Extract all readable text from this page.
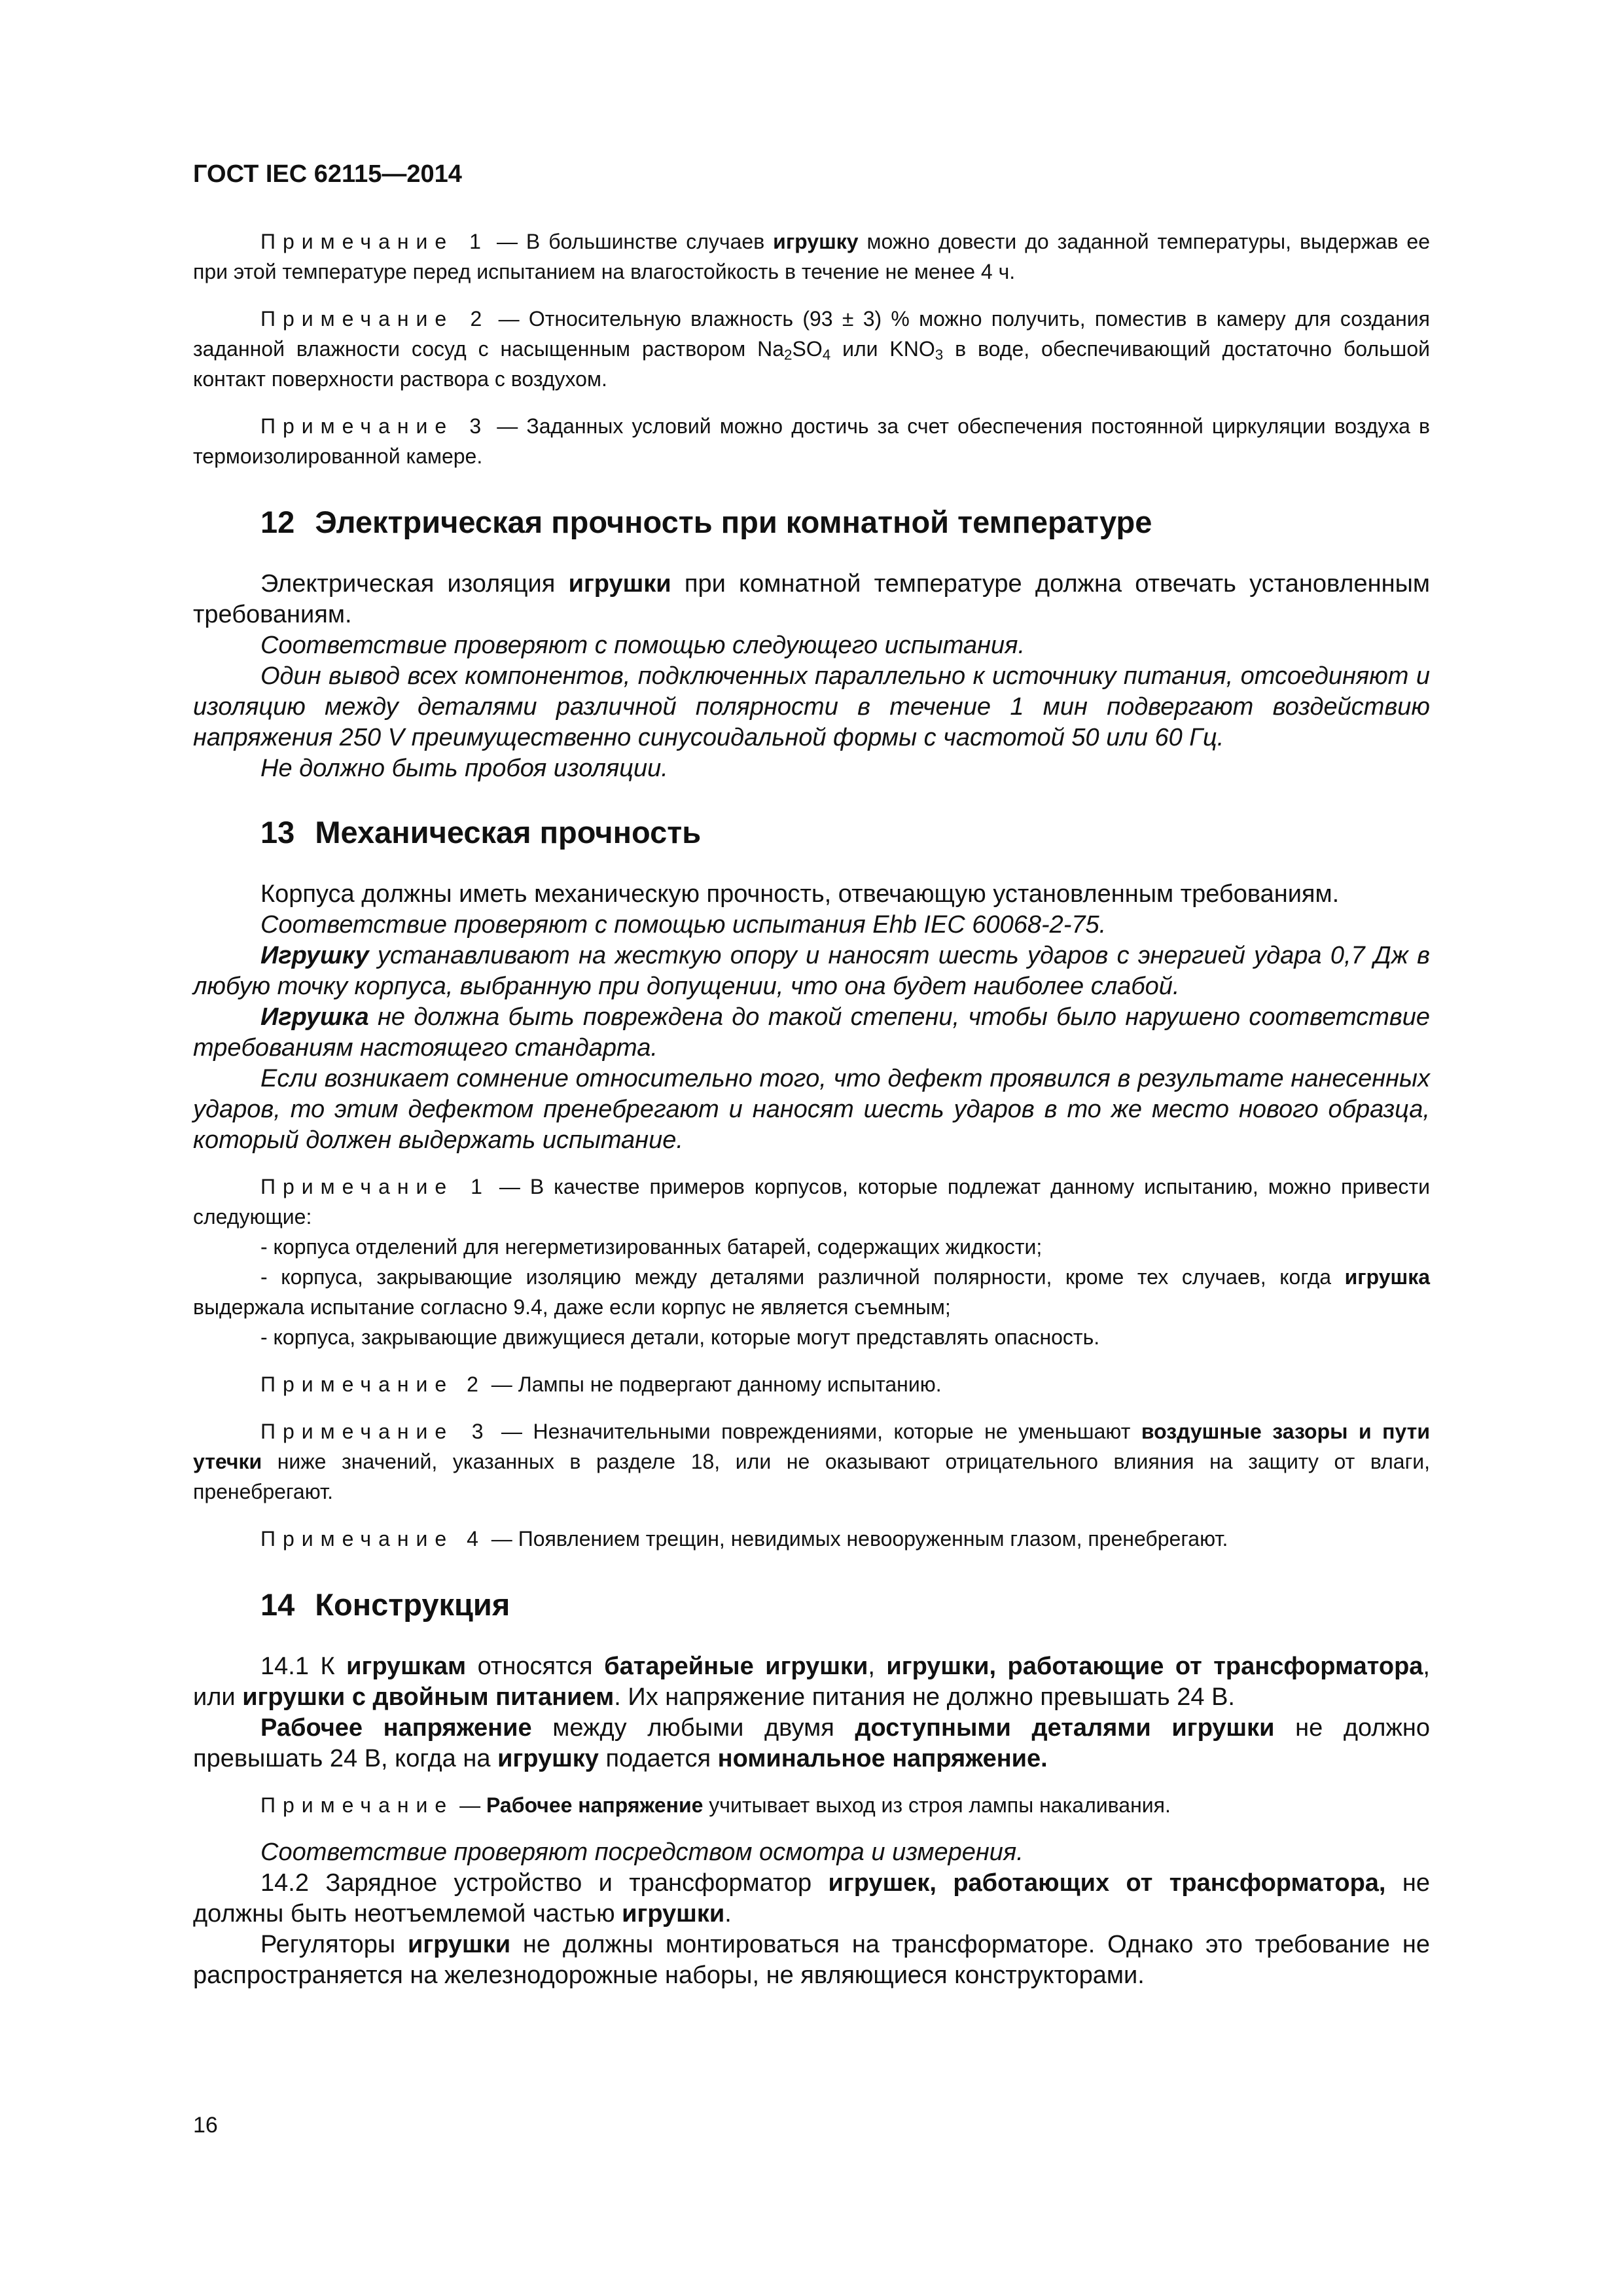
ГОСТ IEC 62115—2014

Примечание 1 — В большинстве случаев игрушку можно довести до заданной температуры, выдержав ее при этой температуре перед испытанием на влагостойкость в течение не менее 4 ч.

Примечание 2 — Относительную влажность (93 ± 3) % можно получить, поместив в камеру для создания заданной влажности сосуд с насыщенным раствором $Na_2SO_4$ или $KNO_3$ в воде, обеспечивающий достаточно большой контакт поверхности раствора с воздухом.

Примечание 3 — Заданных условий можно достичь за счет обеспечения постоянной циркуляции воздуха в термоизолированной камере.

12 Электрическая прочность при комнатной температуре

Электрическая изоляция игрушки при комнатной температуре должна отвечать установленным требованиям.

Соответствие проверяют с помощью следующего испытания.

Один вывод всех компонентов, подключенных параллельно к источнику питания, отсоединяют и изоляцию между деталями различной полярности в течение 1 мин подвергают воздействию напряжения 250 V преимущественно синусоидальной формы с частотой 50 или 60 Гц.

Не должно быть пробоя изоляции.

13 Механическая прочность

Корпуса должны иметь механическую прочность, отвечающую установленным требованиям.

Соответствие проверяют с помощью испытания Ehb IEC 60068-2-75.

Игрушку устанавливают на жесткую опору и наносят шесть ударов с энергией удара 0,7 Дж в любую точку корпуса, выбранную при допущении, что она будет наиболее слабой.

Игрушка не должна быть повреждена до такой степени, чтобы было нарушено соответствие требованиям настоящего стандарта.

Если возникает сомнение относительно того, что дефект проявился в результате нанесенных ударов, то этим дефектом пренебрегают и наносят шесть ударов в то же место нового образца, который должен выдержать испытание.

Примечание 1 — В качестве примеров корпусов, которые подлежат данному испытанию, можно привести следующие:

- корпуса отделений для негерметизированных батарей, содержащих жидкости;

- корпуса, закрывающие изоляцию между деталями различной полярности, кроме тех случаев, когда игрушка выдержала испытание согласно 9.4, даже если корпус не является съемным;

- корпуса, закрывающие движущиеся детали, которые могут представлять опасность.

Примечание 2 — Лампы не подвергают данному испытанию.

Примечание 3 — Незначительными повреждениями, которые не уменьшают воздушные зазоры и пути утечки ниже значений, указанных в разделе 18, или не оказывают отрицательного влияния на защиту от влаги, пренебрегают.

Примечание 4 — Появлением трещин, невидимых невооруженным глазом, пренебрегают.

14 Конструкция

14.1 К игрушкам относятся батарейные игрушки, игрушки, работающие от трансформатора, или игрушки с двойным питанием. Их напряжение питания не должно превышать 24 В.

Рабочее напряжение между любыми двумя доступными деталями игрушки не должно превышать 24 В, когда на игрушку подается номинальное напряжение.

Примечание — Рабочее напряжение учитывает выход из строя лампы накаливания.

Соответствие проверяют посредством осмотра и измерения.

14.2 Зарядное устройство и трансформатор игрушек, работающих от трансформатора, не должны быть неотъемлемой частью игрушки.

Регуляторы игрушки не должны монтироваться на трансформаторе. Однако это требование не распространяется на железнодорожные наборы, не являющиеся конструкторами.

16
